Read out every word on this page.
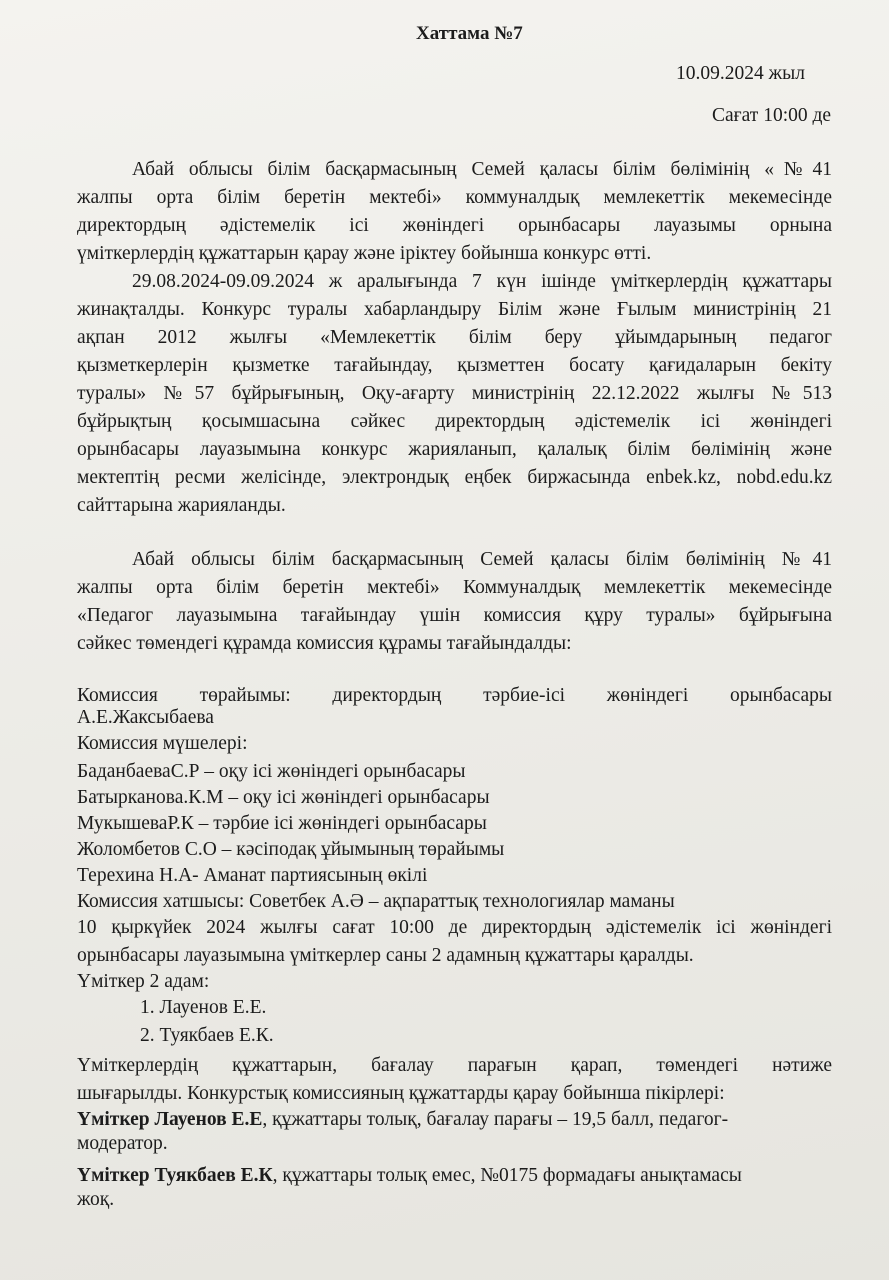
Хаттама №7
10.09.2024 жыл
Сағат 10:00 де
Абай облысы білім басқармасының Семей қаласы білім бөлімінің «№41
жалпы орта білім беретін мектебі» коммуналдық мемлекеттік мекемесінде
директордың әдістемелік ісі жөніндегі орынбасары лауазымы орнына
үміткерлердің құжаттарын қарау және іріктеу бойынша конкурс өтті.
29.08.2024-09.09.2024 ж аралығында 7 күн ішінде үміткерлердің құжаттары
жинақталды. Конкурс туралы хабарландыру Білім және Ғылым министрінің 21
ақпан 2012 жылғы «Мемлекеттік білім беру ұйымдарының педагог
қызметкерлерін қызметке тағайындау, қызметтен босату қағидаларын бекіту
туралы» №57 бұйрығының, Оқу-ағарту министрінің 22.12.2022 жылғы №513
бұйрықтың қосымшасына сәйкес директордың әдістемелік ісі жөніндегі
орынбасары лауазымына конкурс жарияланып, қалалық білім бөлімінің және
мектептің ресми желісінде, электрондық еңбек биржасында enbek.kz, nobd.edu.kz
сайттарына жарияланды.
Абай облысы білім басқармасының Семей қаласы білім бөлімінің №41
жалпы орта білім беретін мектебі» Коммуналдық мемлекеттік мекемесінде
«Педагог лауазымына тағайындау үшін комиссия құру туралы» бұйрығына
сәйкес төмендегі құрамда комиссия құрамы тағайындалды:
Комиссия төрайымы: директордың тәрбие-ісі жөніндегі орынбасары
А.Е.Жаксыбаева
Комиссия мүшелері:
БаданбаеваС.Р – оқу ісі жөніндегі орынбасары
Батырканова.К.М – оқу ісі жөніндегі орынбасары
МукышеваР.К – тәрбие ісі жөніндегі орынбасары
Жоломбетов С.О – кәсіподақ ұйымының төрайымы
Терехина Н.А- Аманат партиясының өкілі
Комиссия хатшысы: Советбек А.Ә – ақпараттық технологиялар маманы
10 қыркүйек 2024 жылғы сағат 10:00 де директордың әдістемелік ісі жөніндегі
орынбасары лауазымына үміткерлер саны 2 адамның құжаттары қаралды.
Үміткер 2 адам:
1. Лауенов Е.Е.
2. Туякбаев Е.К.
Үміткерлердің құжаттарын, бағалау парағын қарап, төмендегі нәтиже
шығарылды. Конкурстық комиссияның құжаттарды қарау бойынша пікірлері:
Үміткер Лауенов Е.Е, құжаттары толық, бағалау парағы – 19,5 балл, педагог-
модератор.
Үміткер Туякбаев Е.К, құжаттары толық емес, №0175 формадағы анықтамасы
жоқ.
